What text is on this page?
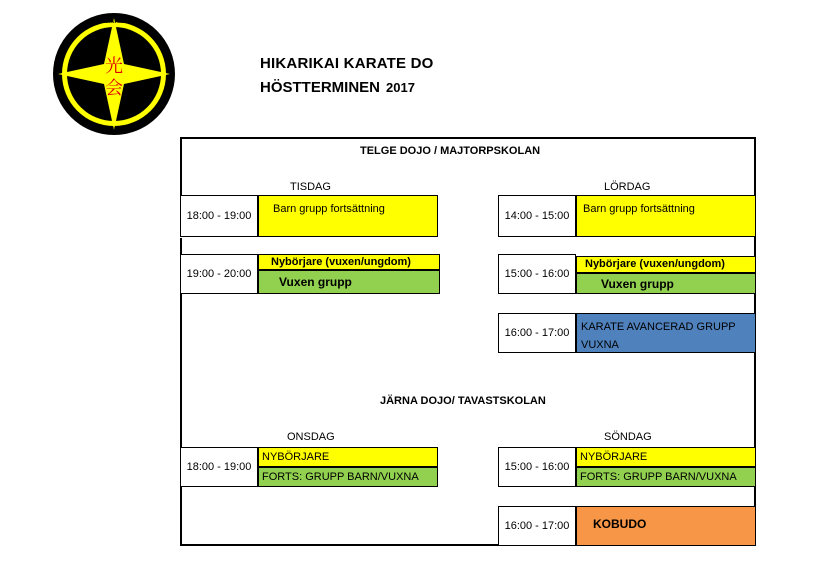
光
会
Hikarikai
International
HIKARIKAI KARATE DO
HÖSTTERMINEN 2017
TELGE DOJO / MAJTORPSKOLAN
TISDAG
18:00 - 19:00
Barn grupp fortsättning
19:00 - 20:00
Nybörjare (vuxen/ungdom)
Vuxen grupp
LÖRDAG
14:00 - 15:00
Barn grupp fortsättning
15:00 - 16:00
Nybörjare (vuxen/ungdom)
Vuxen grupp
16:00 - 17:00 KARATE AVANCERAD GRUPP
VUXNA
JÄRNA DOJO/ TAVASTSKOLAN
ONSDAG
18:00 - 19:00
NYBÖRJARE
FORTS: GRUPP BARN/VUXNA
SÖNDAG
15:00 - 16:00
NYBÖRJARE
FORTS: GRUPP BARN/VUXNA
16:00 - 17:00	KOBUDO
